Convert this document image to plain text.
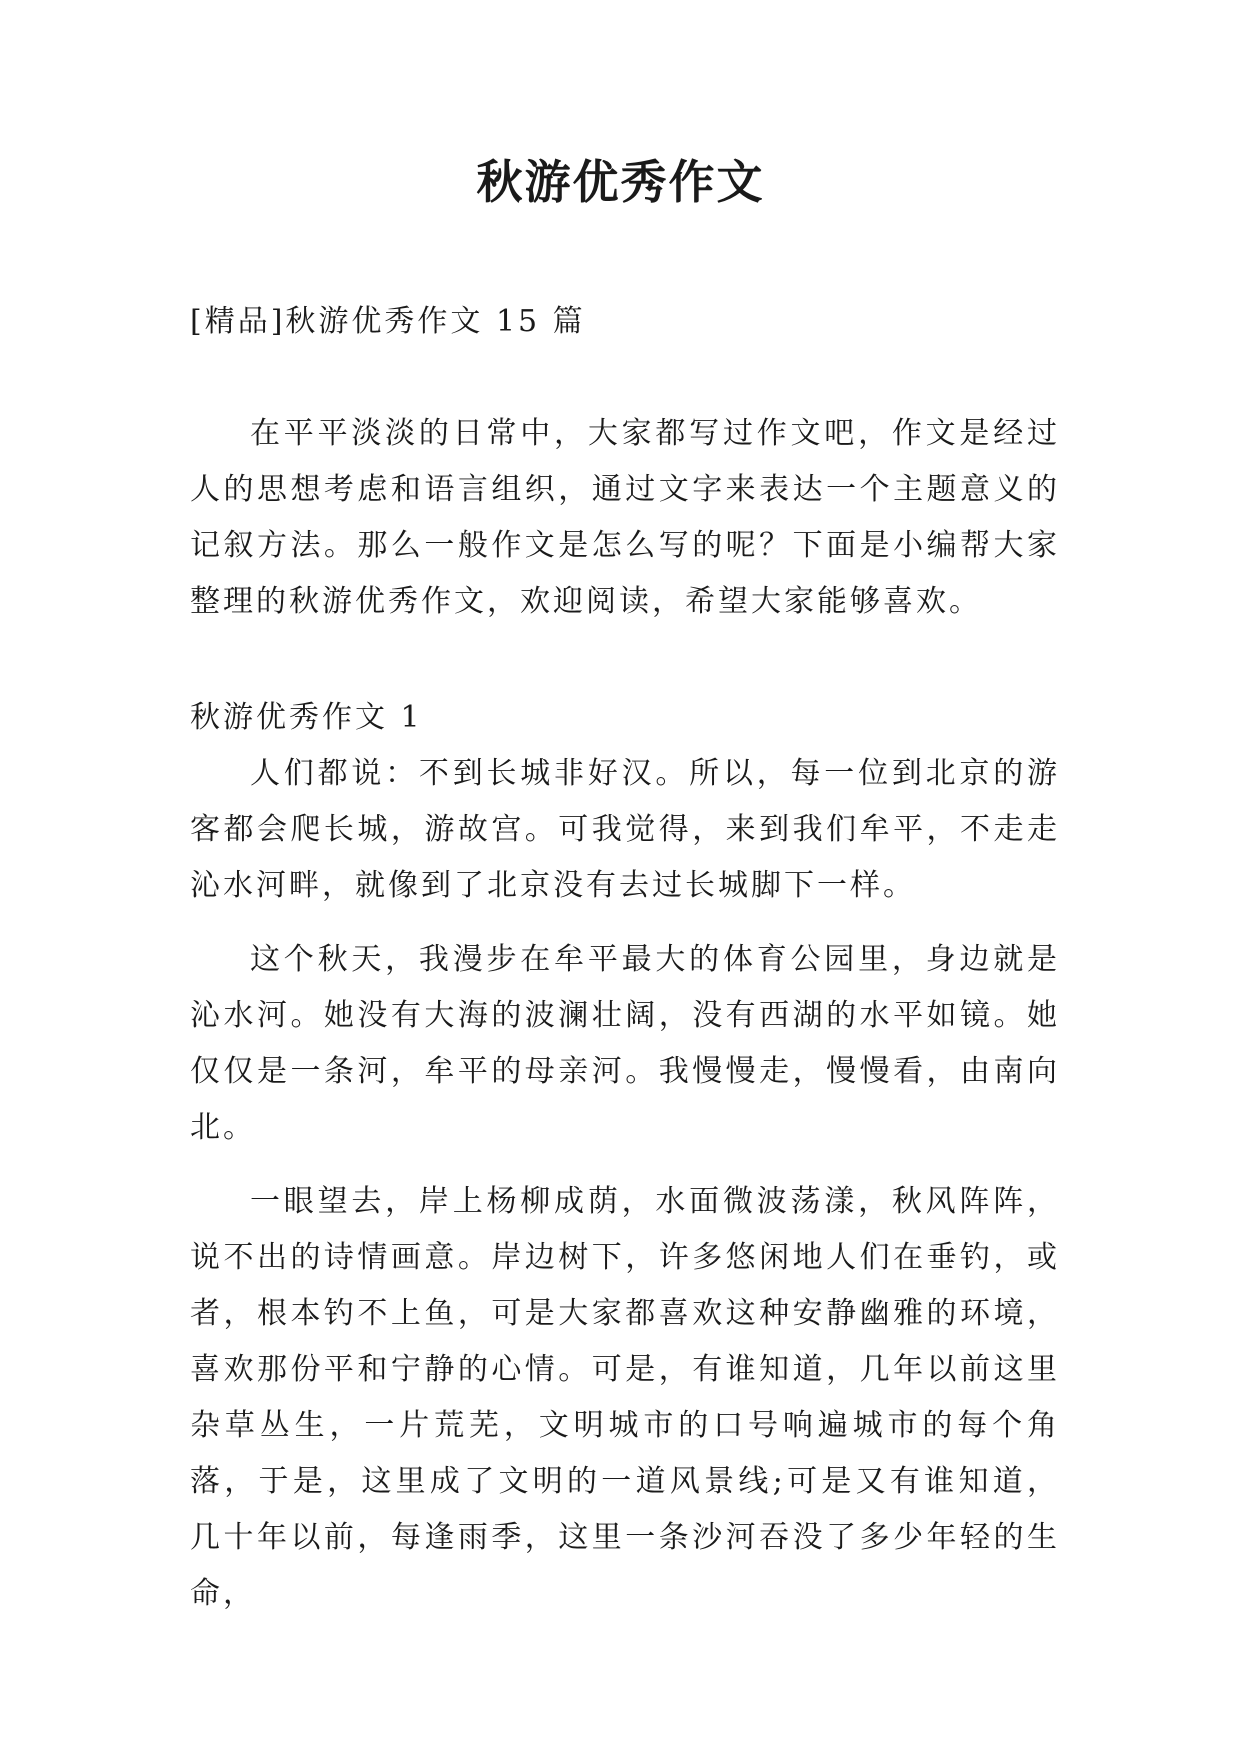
秋游优秀作文
[精品]秋游优秀作文 15 篇

在平平淡淡的日常中，大家都写过作文吧，作文是经过人的思想考虑和语言组织，通过文字来表达一个主题意义的记叙方法。那么一般作文是怎么写的呢？下面是小编帮大家整理的秋游优秀作文，欢迎阅读，希望大家能够喜欢。

秋游优秀作文 1

人们都说：不到长城非好汉。所以，每一位到北京的游客都会爬长城，游故宫。可我觉得，来到我们牟平，不走走沁水河畔，就像到了北京没有去过长城脚下一样。

这个秋天，我漫步在牟平最大的体育公园里，身边就是沁水河。她没有大海的波澜壮阔，没有西湖的水平如镜。她仅仅是一条河，牟平的母亲河。我慢慢走，慢慢看，由南向北。

一眼望去，岸上杨柳成荫，水面微波荡漾，秋风阵阵，说不出的诗情画意。岸边树下，许多悠闲地人们在垂钓，或者，根本钓不上鱼，可是大家都喜欢这种安静幽雅的环境，喜欢那份平和宁静的心情。可是，有谁知道，几年以前这里杂草丛生，一片荒芜，文明城市的口号响遍城市的每个角落，于是，这里成了文明的一道风景线;可是又有谁知道，几十年以前，每逢雨季，这里一条沙河吞没了多少年轻的生命，
